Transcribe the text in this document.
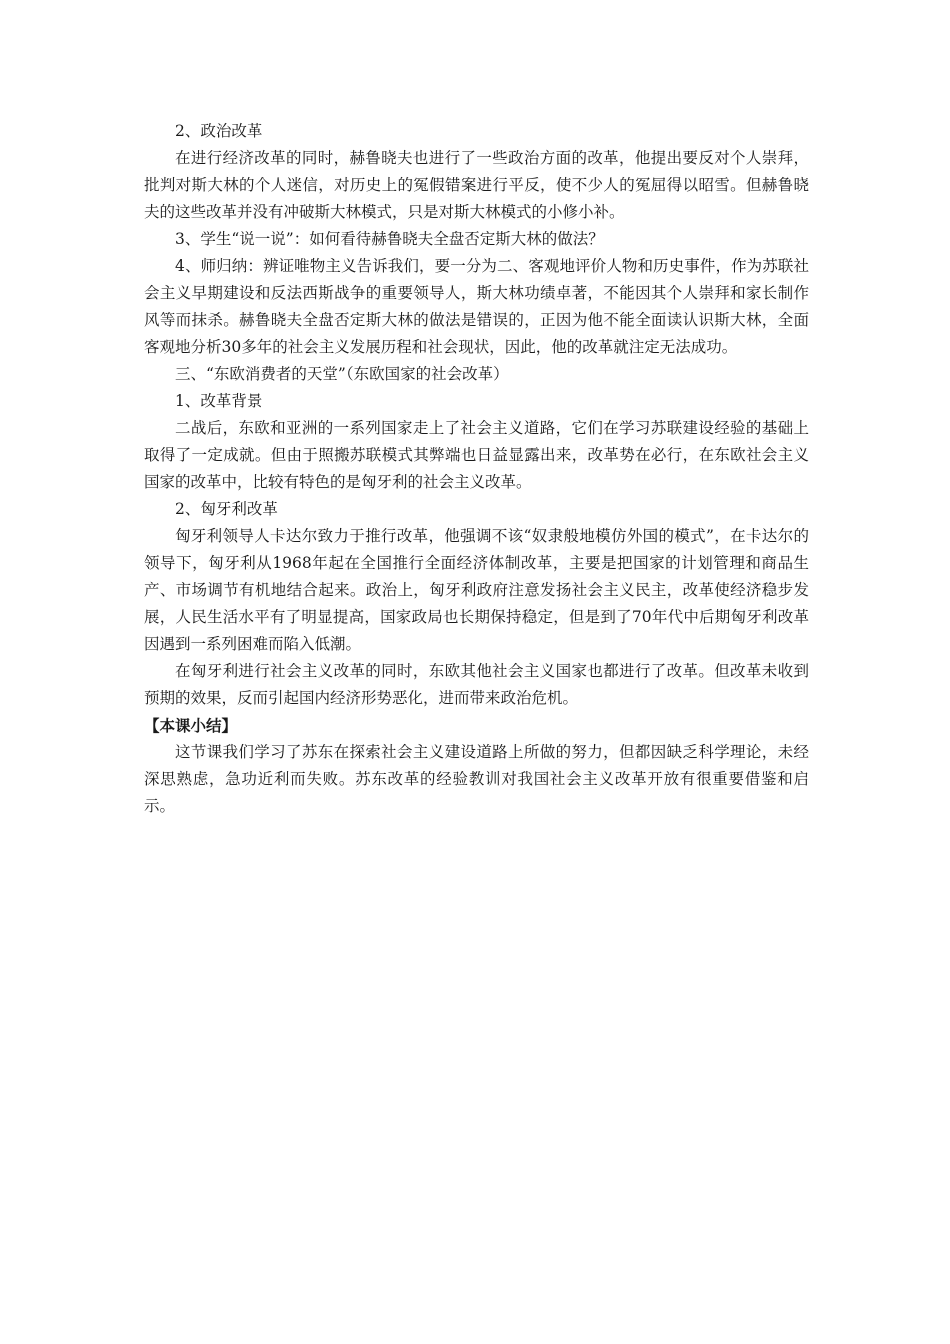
2、政治改革

在进行经济改革的同时，赫鲁晓夫也进行了一些政治方面的改革，他提出要反对个人崇拜，批判对斯大林的个人迷信，对历史上的冤假错案进行平反，使不少人的冤屈得以昭雪。但赫鲁晓夫的这些改革并没有冲破斯大林模式，只是对斯大林模式的小修小补。

3、学生“说一说”：如何看待赫鲁晓夫全盘否定斯大林的做法？

4、师归纳：辨证唯物主义告诉我们，要一分为二、客观地评价人物和历史事件，作为苏联社会主义早期建设和反法西斯战争的重要领导人，斯大林功绩卓著，不能因其个人崇拜和家长制作风等而抹杀。赫鲁晓夫全盘否定斯大林的做法是错误的，正因为他不能全面读认识斯大林，全面客观地分析30多年的社会主义发展历程和社会现状，因此，他的改革就注定无法成功。

三、“东欧消费者的天堂”（东欧国家的社会改革）

1、改革背景

二战后，东欧和亚洲的一系列国家走上了社会主义道路，它们在学习苏联建设经验的基础上取得了一定成就。但由于照搬苏联模式其弊端也日益显露出来，改革势在必行，在东欧社会主义国家的改革中，比较有特色的是匈牙利的社会主义改革。

2、匈牙利改革

匈牙利领导人卡达尔致力于推行改革，他强调不该“奴隶般地模仿外国的模式”，在卡达尔的领导下，匈牙利从1968年起在全国推行全面经济体制改革，主要是把国家的计划管理和商品生产、市场调节有机地结合起来。政治上，匈牙利政府注意发扬社会主义民主，改革使经济稳步发展，人民生活水平有了明显提高，国家政局也长期保持稳定，但是到了70年代中后期匈牙利改革因遇到一系列困难而陷入低潮。

在匈牙利进行社会主义改革的同时，东欧其他社会主义国家也都进行了改革。但改革未收到预期的效果，反而引起国内经济形势恶化，进而带来政治危机。

【本课小结】

这节课我们学习了苏东在探索社会主义建设道路上所做的努力，但都因缺乏科学理论，未经深思熟虑，急功近利而失败。苏东改革的经验教训对我国社会主义改革开放有很重要借鉴和启示。
